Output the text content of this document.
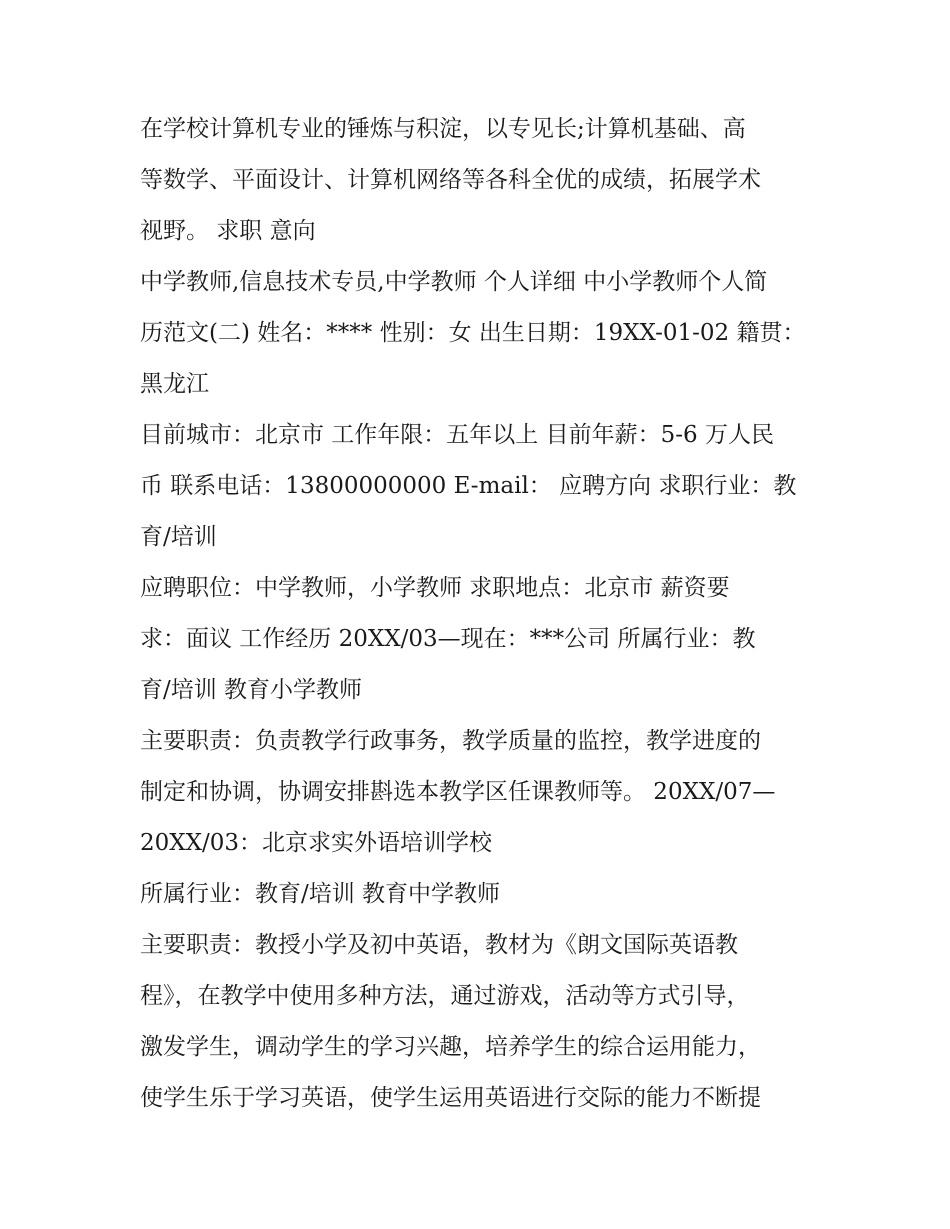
在学校计算机专业的锤炼与积淀，以专见长;计算机基础、高
等数学、平面设计、计算机网络等各科全优的成绩，拓展学术
视野。 求职 意向
中学教师,信息技术专员,中学教师 个人详细 中小学教师个人简
历范文(二) 姓名：**** 性别：女 出生日期：19XX-01-02 籍贯：
黑龙江
目前城市：北京市 工作年限：五年以上 目前年薪：5-6 万人民
币 联系电话：13800000000 E-mail： 应聘方向 求职行业：教
育/培训
应聘职位：中学教师，小学教师 求职地点：北京市 薪资要
求：面议 工作经历 20XX/03—现在：***公司 所属行业：教
育/培训 教育小学教师
主要职责：负责教学行政事务，教学质量的监控，教学进度的
制定和协调，协调安排斟选本教学区任课教师等。 20XX/07—
20XX/03：北京求实外语培训学校
所属行业：教育/培训 教育中学教师
主要职责：教授小学及初中英语，教材为《朗文国际英语教
程》，在教学中使用多种方法，通过游戏，活动等方式引导，
激发学生，调动学生的学习兴趣，培养学生的综合运用能力，
使学生乐于学习英语，使学生运用英语进行交际的能力不断提
